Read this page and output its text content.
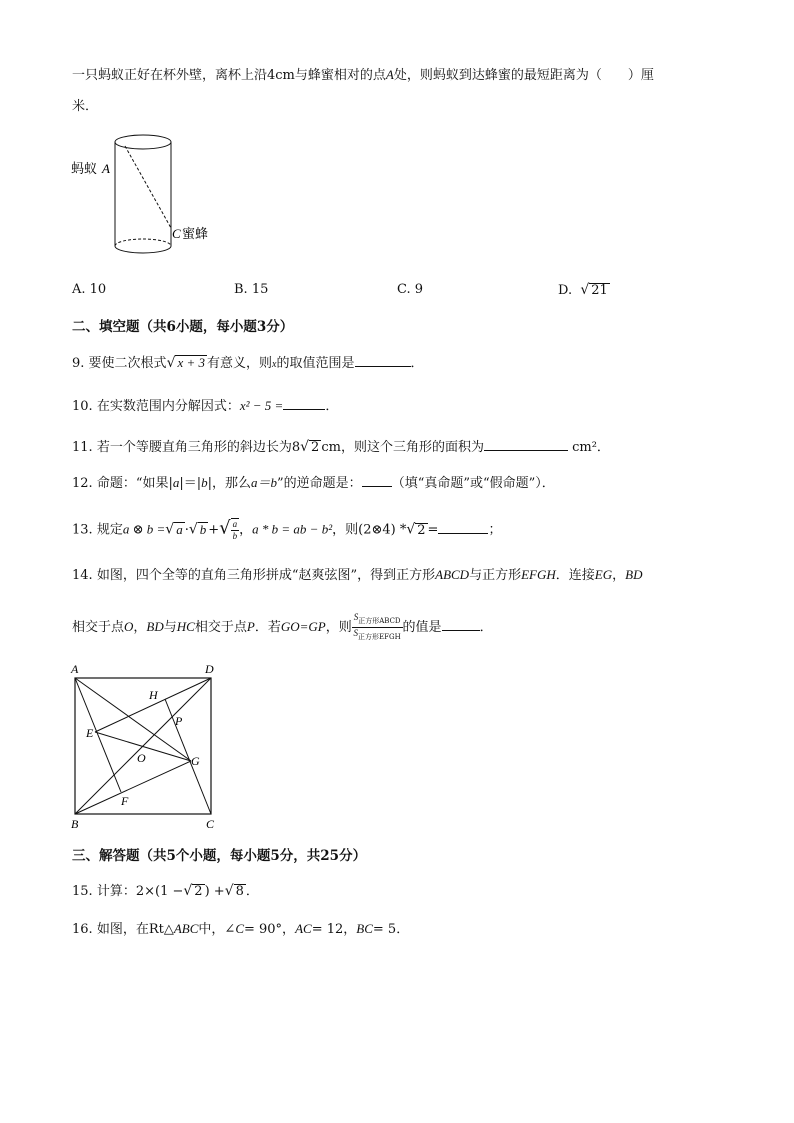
一只蚂蚁正好在杯外壁，离杯上沿4cm与蜂蜜相对的点A处，则蚂蚁到达蜂蜜的最短距离为（　　）厘
米．
蚂蚁 A
C 蜜蜂
A. 10	B. 15	C. 9	D. √ 21
二、填空题（共6小题，每小题3分）
9. 要使二次根式√ x + 3 有意义，则x的取值范围是	．
10. 在实数范围内分解因式：x² − 5 =	．
11. 若一个等腰直角三角形的斜边长为8√ 2 cm，则这个三角形的面积为	cm²．
12. 命题：“如果|a|＝|b|，那么a＝b”的逆命题是： （填“真命题”或“假命题”）．
13. 规定a ⊗ b =√ a ·√ b +√ $\frac{a}{b}$ ，a * b = ab − b²，则(2⊗4) *√ 2 =	；
14. 如图，四个全等的直角三角形拼成“赵爽弦图”，得到正方形ABCD与正方形EFGH．连接EG，BD
相交于点O，BD与HC相交于点P．若GO=GP，则 $\frac{S_{正方形ABCD}}{S_{正方形EFGH}}$ 的值是	．
A	D
B	C
H
P
E
O	G
F
三、解答题（共5个小题，每小题5分，共25分）
15. 计算：2×(1 −√ 2 ) +√ 8 ．
16. 如图，在Rt△ABC中，∠C= 90°，AC= 12，BC= 5．
